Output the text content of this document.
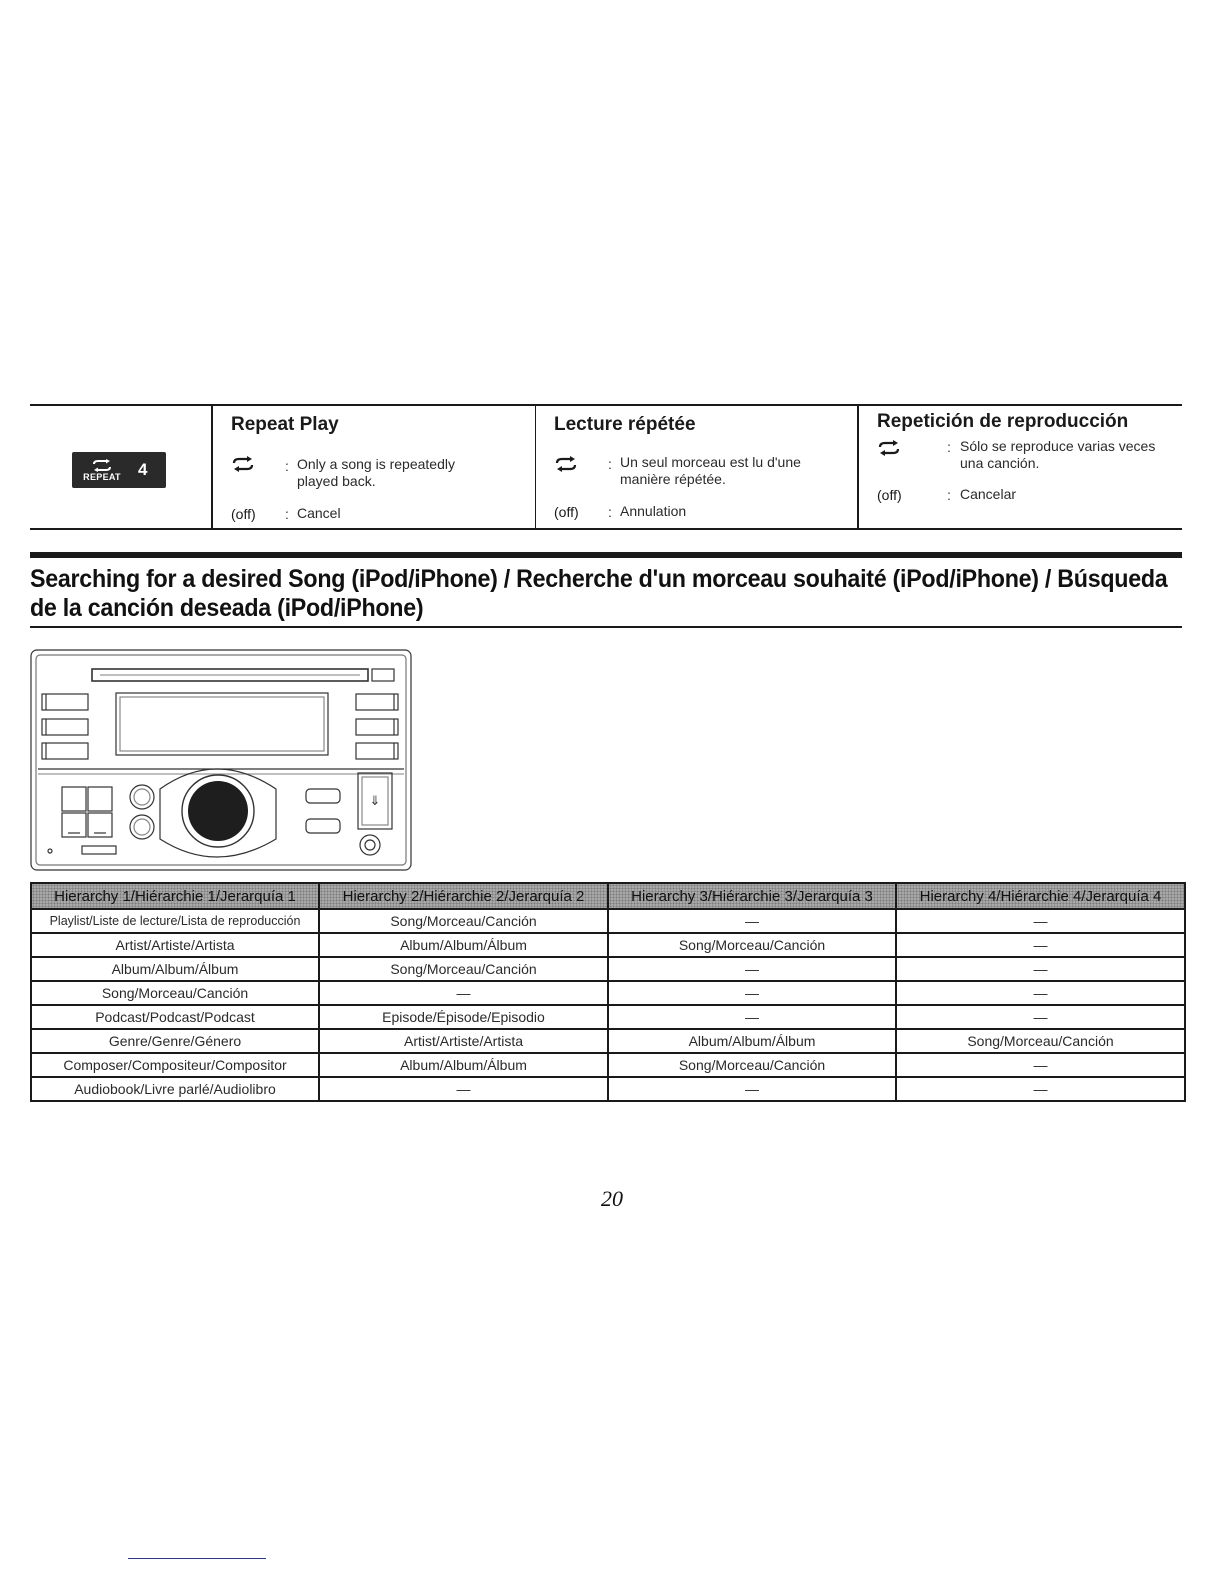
REPEAT 4
Repeat Play
: Only a song is repeatedly played back.
(off) : Cancel
Lecture répétée
: Un seul morceau est lu d'une manière répétée.
(off) : Annulation
Repetición de reproducción
: Sólo se reproduce varias veces una canción.
(off)	: Cancelar
Searching for a desired Song (iPod/iPhone) / Recherche d'un morceau souhaité (iPod/iPhone) / Búsqueda de la canción deseada (iPod/iPhone)
⇓
Hierarchy 1/Hiérarchie 1/Jerarquía 1	Hierarchy 2/Hiérarchie 2/Jerarquía 2	Hierarchy 3/Hiérarchie 3/Jerarquía 3	Hierarchy 4/Hiérarchie 4/Jerarquía 4
Playlist/Liste de lecture/Lista de reproducción	Song/Morceau/Canción	—	—
Artist/Artiste/Artista	Album/Album/Álbum	Song/Morceau/Canción	—
Album/Album/Álbum	Song/Morceau/Canción	—	—
Song/Morceau/Canción	—	—	—
Podcast/Podcast/Podcast	Episode/Épisode/Episodio	—	—
Genre/Genre/Género	Artist/Artiste/Artista	Album/Album/Álbum	Song/Morceau/Canción
Composer/Compositeur/Compositor	Album/Album/Álbum	Song/Morceau/Canción	—
Audiobook/Livre parlé/Audiolibro	—	—	—
20
